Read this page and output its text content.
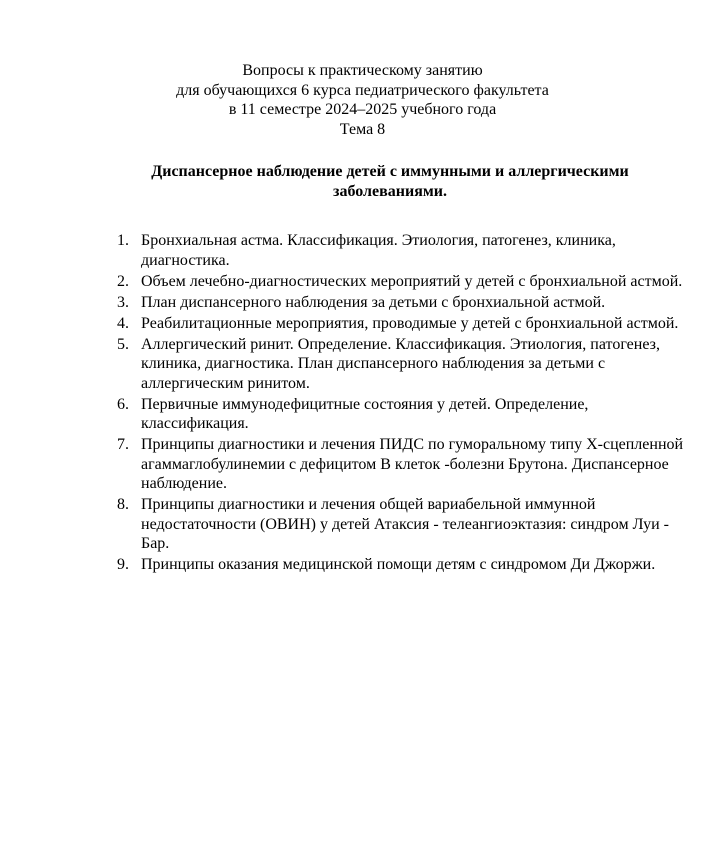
Вопросы к практическому занятию
для обучающихся 6 курса педиатрического факультета
в 11 семестре 2024–2025 учебного года
Тема 8
Диспансерное наблюдение детей с иммунными и аллергическими заболеваниями.
1. Бронхиальная астма. Классификация. Этиология, патогенез, клиника, диагностика.
2. Объем лечебно-диагностических мероприятий у детей с бронхиальной астмой.
3. План диспансерного наблюдения за детьми с бронхиальной астмой.
4. Реабилитационные мероприятия, проводимые у детей с бронхиальной астмой.
5. Аллергический ринит. Определение. Классификация. Этиология, патогенез, клиника, диагностика. План диспансерного наблюдения за детьми с аллергическим ринитом.
6. Первичные иммунодефицитные состояния у детей. Определение, классификация.
7. Принципы диагностики и лечения ПИДС по гуморальному типу Х-сцепленной агаммаглобулинемии с дефицитом В клеток -болезни Брутона. Диспансерное наблюдение.
8. Принципы диагностики и лечения общей вариабельной иммунной недостаточности (ОВИН) у детей Атаксия - телеангиоэктазия: синдром Луи - Бар.
9. Принципы оказания медицинской помощи детям с синдромом Ди Джоржи.
